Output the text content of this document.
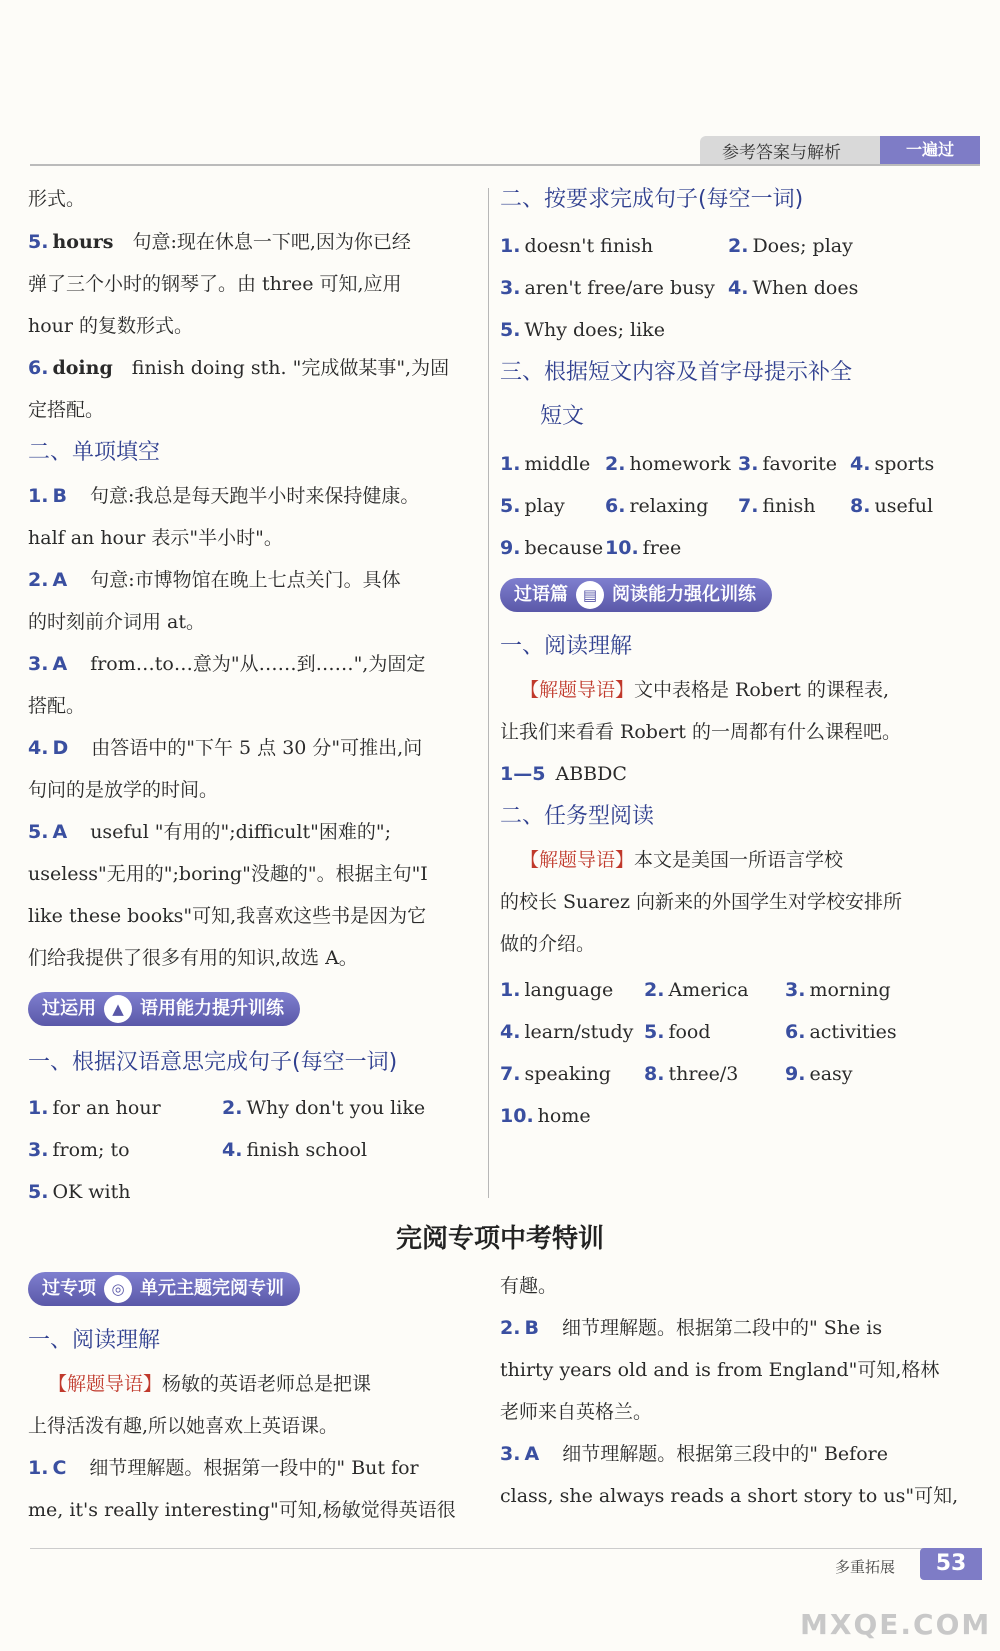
参考答案与解析	一遍过
形式。
5. hours　 句意:现在休息一下吧,因为你已经
弹了三个小时的钢琴了。由 three 可知,应用
hour 的复数形式。
6. doing　 finish doing sth. "完成做某事",为固
定搭配。
二、单项填空
1. B　 句意:我总是每天跑半小时来保持健康。
half an hour 表示"半小时"。
2. A　 句意:市博物馆在晚上七点关门。具体
的时刻前介词用 at。
3. A　 from…to…意为"从……到……",为固定
搭配。
4. D　 由答语中的"下午 5 点 30 分"可推出,问
句问的是放学的时间。
5. A　 useful "有用的";difficult"困难的";
useless"无用的";boring"没趣的"。根据主句"I
like these books"可知,我喜欢这些书是因为它
们给我提供了很多有用的知识,故选 A。
过运用	▲ 语用能力提升训练
一、根据汉语意思完成句子(每空一词)
1. for an hour	2. Why don't you like
3. from; to	4. finish school
5. OK with
二、按要求完成句子(每空一词)
1. doesn't finish	2. Does; play
3. aren't free/are busy 4. When does
5. Why does; like
三、根据短文内容及首字母提示补全
短文
1. middle 2. homework 3. favorite 4. sports
5. play 6. relaxing 7. finish 8. useful
9. because 10. free
过语篇 ▤ 阅读能力强化训练
一、阅读理解
【解题导语】文中表格是 Robert 的课程表,
让我们来看看 Robert 的一周都有什么课程吧。
1—5 ABBDC
二、任务型阅读
【解题导语】本文是美国一所语言学校
的校长 Suarez 向新来的外国学生对学校安排所
做的介绍。
1. language 2. America 3. morning
4. learn/study 5. food	6. activities
7. speaking 8. three/3 9. easy
10. home
完阅专项中考特训
过专项	◎ 单元主题完阅专训
一、阅读理解
【解题导语】杨敏的英语老师总是把课
上得活泼有趣,所以她喜欢上英语课。
1. C　 细节理解题。根据第一段中的" But for
me, it's really interesting"可知,杨敏觉得英语很
有趣。
2. B　 细节理解题。根据第二段中的" She is
thirty years old and is from England"可知,格林
老师来自英格兰。
3. A　 细节理解题。根据第三段中的" Before
class, she always reads a short story to us"可知,
多重拓展	53
MXQE.COM
